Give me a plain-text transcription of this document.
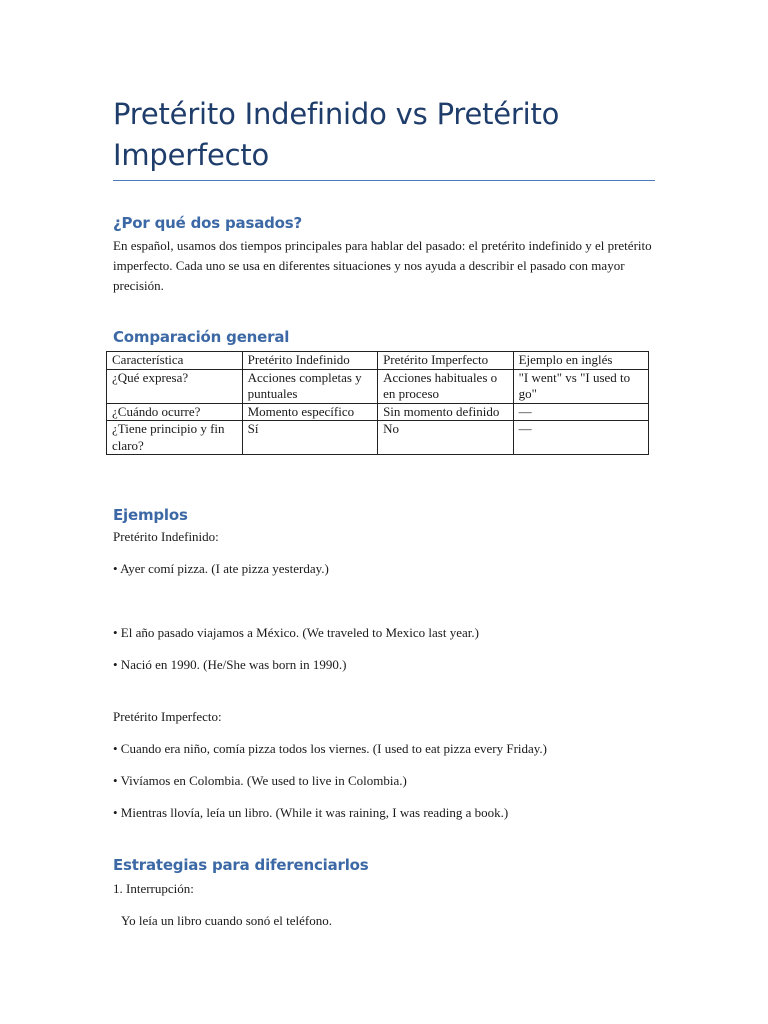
Pretérito Indefinido vs Pretérito Imperfecto
¿Por qué dos pasados?

En español, usamos dos tiempos principales para hablar del pasado: el pretérito indefinido y el pretérito imperfecto. Cada uno se usa en diferentes situaciones y nos ayuda a describir el pasado con mayor precisión.

Comparación general
Característica	Pretérito Indefinido	Pretérito Imperfecto	Ejemplo en inglés
¿Qué expresa?	Acciones completas y puntuales	Acciones habituales o en proceso	"I went" vs "I used to go"
¿Cuándo ocurre?	Momento específico	Sin momento definido	—
¿Tiene principio y fin claro?	Sí	No	—
Ejemplos

Pretérito Indefinido:

• Ayer comí pizza. (I ate pizza yesterday.)

• El año pasado viajamos a México. (We traveled to Mexico last year.)

• Nació en 1990. (He/She was born in 1990.)

Pretérito Imperfecto:

• Cuando era niño, comía pizza todos los viernes. (I used to eat pizza every Friday.)

• Vivíamos en Colombia. (We used to live in Colombia.)

• Mientras llovía, leía un libro. (While it was raining, I was reading a book.)

Estrategias para diferenciarlos

1. Interrupción:

Yo leía un libro cuando sonó el teléfono.
